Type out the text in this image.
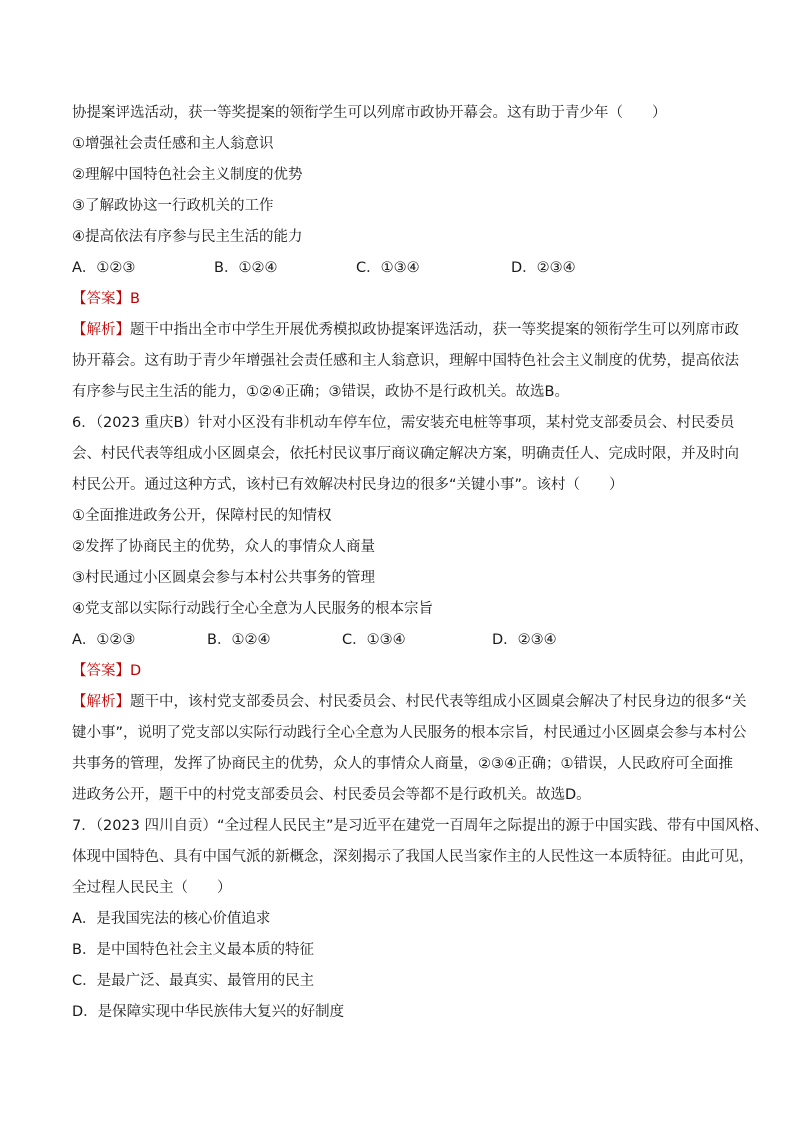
协提案评选活动，获一等奖提案的领衔学生可以列席市政协开幕会。这有助于青少年（　　）
①增强社会责任感和主人翁意识
②理解中国特色社会主义制度的优势
③了解政协这一行政机关的工作
④提高依法有序参与民主生活的能力
A．①②③	B．①②④	C．①③④	D．②③④
【答案】B
【解析】题干中指出全市中学生开展优秀模拟政协提案评选活动，获一等奖提案的领衔学生可以列席市政
协开幕会。这有助于青少年增强社会责任感和主人翁意识，理解中国特色社会主义制度的优势，提高依法
有序参与民主生活的能力，①②④正确；③错误，政协不是行政机关。故选B。
6．（2023 重庆B）针对小区没有非机动车停车位，需安装充电桩等事项，某村党支部委员会、村民委员
会、村民代表等组成小区圆桌会，依托村民议事厅商议确定解决方案，明确责任人、完成时限，并及时向
村民公开。通过这种方式，该村已有效解决村民身边的很多“关键小事”。该村（　　）
①全面推进政务公开，保障村民的知情权
②发挥了协商民主的优势，众人的事情众人商量
③村民通过小区圆桌会参与本村公共事务的管理
④党支部以实际行动践行全心全意为人民服务的根本宗旨
A．①②③	B．①②④	C．①③④	D．②③④
【答案】D
【解析】题干中，该村党支部委员会、村民委员会、村民代表等组成小区圆桌会解决了村民身边的很多“关
键小事”，说明了党支部以实际行动践行全心全意为人民服务的根本宗旨，村民通过小区圆桌会参与本村公
共事务的管理，发挥了协商民主的优势，众人的事情众人商量，②③④正确；①错误，人民政府可全面推
进政务公开，题干中的村党支部委员会、村民委员会等都不是行政机关。故选D。
7．（2023 四川自贡）“全过程人民民主”是习近平在建党一百周年之际提出的源于中国实践、带有中国风格、
体现中国特色、具有中国气派的新概念，深刻揭示了我国人民当家作主的人民性这一本质特征。由此可见，
全过程人民民主（　　）
A．是我国宪法的核心价值追求
B．是中国特色社会主义最本质的特征
C．是最广泛、最真实、最管用的民主
D．是保障实现中华民族伟大复兴的好制度
